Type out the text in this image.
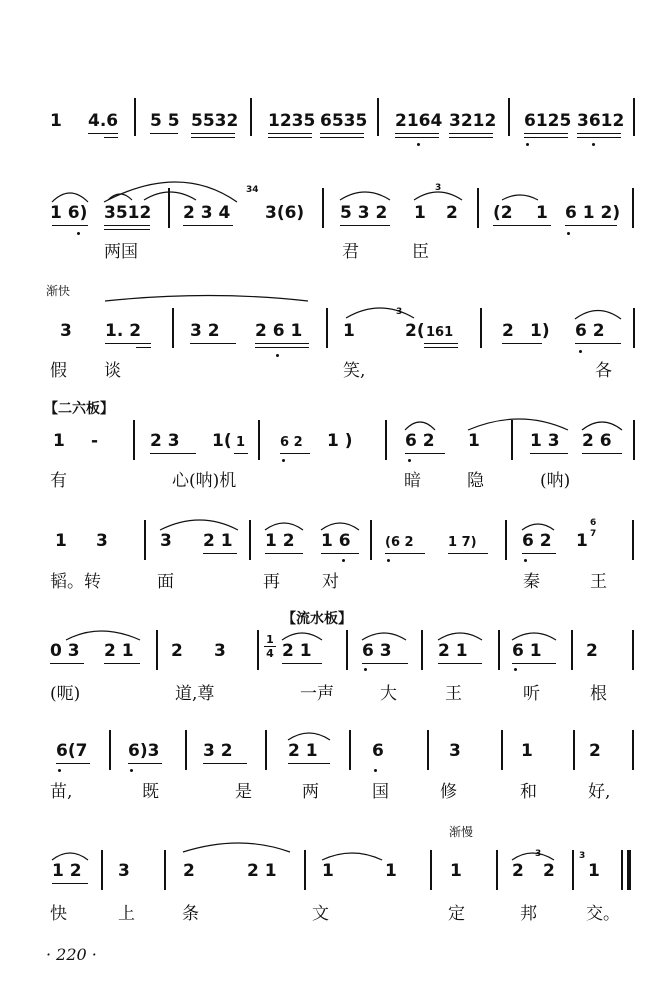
1 4.6 5 5 5532 1235 6535 2164 3212 6125 3612
1 6) 3512 2 3 4
34
3(6) 5 3 2 1
3
2 (2 1 6 1 2)
两国	君	臣
渐快
3 1. 2	3 2 2 6 1 1
3
2( 161	2 1) 6 2
假 谈	笑,	各
【二六板】
1 -	2 3 1( 1	6 2 1 )	6 2 1	1 3 2 6
有	心(呐)机	暗	隐	(呐)
1 3	3 2 1 1 2 1 6	(6 2	1 7)	6 2 1
6
7
韬。转	面	再 对	秦	王
【流水板】
0 3 2 1 2 3
1
4 2 1	6 3	2 1	6 1	2
(呃)	道,尊	一声	大	王	听	根
6(7 6)3	3 2	2 1	6	3	1	2
苗,	既	是	两	国	修	和	好,
渐慢
1 2 3	2	2 1	1	1	1	2
3
2
3
1
快	上	条	文	定	邦	交。
· 220 ·
